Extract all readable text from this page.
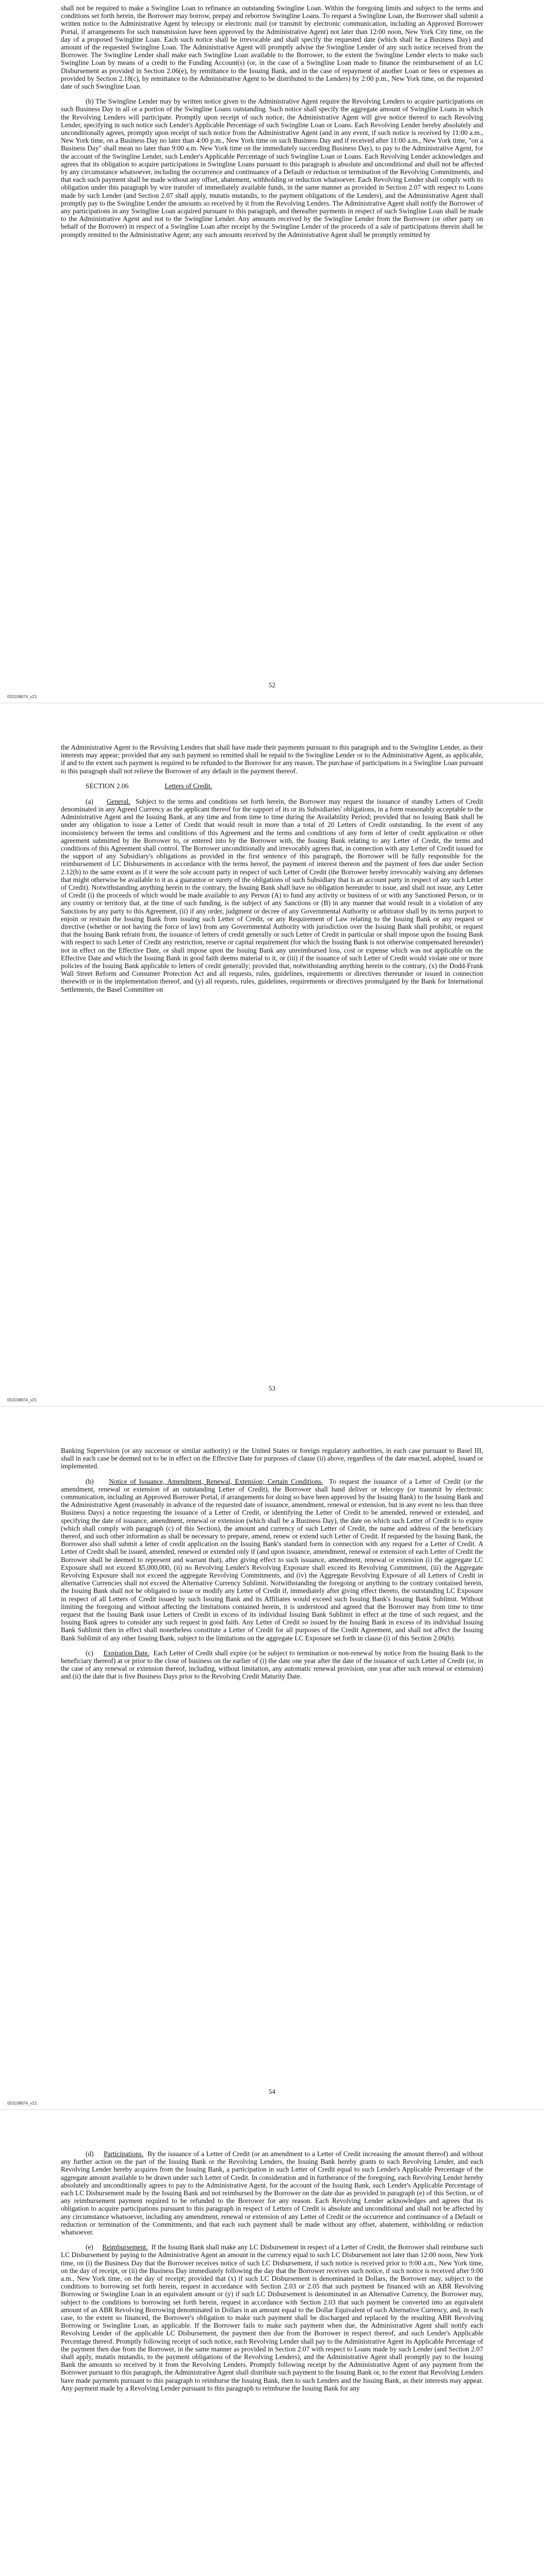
shall not be required to make a Swingline Loan to refinance an outstanding Swingline Loan. Within the foregoing limits and subject to the terms and conditions set forth herein, the Borrower may borrow, prepay and reborrow Swingline Loans. To request a Swingline Loan, the Borrower shall submit a written notice to the Administrative Agent by telecopy or electronic mail (or transmit by electronic communication, including an Approved Borrower Portal, if arrangements for such transmission have been approved by the Administrative Agent) not later than 12:00 noon, New York City time, on the day of a proposed Swingline Loan. Each such notice shall be irrevocable and shall specify the requested date (which shall be a Business Day) and amount of the requested Swingline Loan. The Administrative Agent will promptly advise the Swingline Lender of any such notice received from the Borrower. The Swingline Lender shall make each Swingline Loan available to the Borrower, to the extent the Swingline Lender elects to make such Swingline Loan by means of a credit to the Funding Account(s) (or, in the case of a Swingline Loan made to finance the reimbursement of an LC Disbursement as provided in Section 2.06(e), by remittance to the Issuing Bank, and in the case of repayment of another Loan or fees or expenses as provided by Section 2.18(c), by remittance to the Administrative Agent to be distributed to the Lenders) by 2:00 p.m., New York time, on the requested date of such Swingline Loan.

(b) The Swingline Lender may by written notice given to the Administrative Agent require the Revolving Lenders to acquire participations on such Business Day in all or a portion of the Swingline Loans outstanding. Such notice shall specify the aggregate amount of Swingline Loans in which the Revolving Lenders will participate. Promptly upon receipt of such notice, the Administrative Agent will give notice thereof to each Revolving Lender, specifying in such notice such Lender's Applicable Percentage of such Swingline Loan or Loans. Each Revolving Lender hereby absolutely and unconditionally agrees, promptly upon receipt of such notice from the Administrative Agent (and in any event, if such notice is received by 11:00 a.m., New York time, on a Business Day no later than 4:00 p.m., New York time on such Business Day and if received after 11:00 a.m., New York time, "on a Business Day" shall mean no later than 9:00 a.m. New York time on the immediately succeeding Business Day), to pay to the Administrative Agent, for the account of the Swingline Lender, such Lender's Applicable Percentage of such Swingline Loan or Loans. Each Revolving Lender acknowledges and agrees that its obligation to acquire participations in Swingline Loans pursuant to this paragraph is absolute and unconditional and shall not be affected by any circumstance whatsoever, including the occurrence and continuance of a Default or reduction or termination of the Revolving Commitments, and that each such payment shall be made without any offset, abatement, withholding or reduction whatsoever. Each Revolving Lender shall comply with its obligation under this paragraph by wire transfer of immediately available funds, in the same manner as provided in Section 2.07 with respect to Loans made by such Lender (and Section 2.07 shall apply, mutatis mutandis, to the payment obligations of the Lenders), and the Administrative Agent shall promptly pay to the Swingline Lender the amounts so received by it from the Revolving Lenders. The Administrative Agent shall notify the Borrower of any participations in any Swingline Loan acquired pursuant to this paragraph, and thereafter payments in respect of such Swingline Loan shall be made to the Administrative Agent and not to the Swingline Lender. Any amounts received by the Swingline Lender from the Borrower (or other party on behalf of the Borrower) in respect of a Swingline Loan after receipt by the Swingline Lender of the proceeds of a sale of participations therein shall be promptly remitted to the Administrative Agent; any such amounts received by the Administrative Agent shall be promptly remitted by

52
053108874_v21

the Administrative Agent to the Revolving Lenders that shall have made their payments pursuant to this paragraph and to the Swingline Lender, as their interests may appear; provided that any such payment so remitted shall be repaid to the Swingline Lender or to the Administrative Agent, as applicable, if and to the extent such payment is required to be refunded to the Borrower for any reason. The purchase of participations in a Swingline Loan pursuant to this paragraph shall not relieve the Borrower of any default in the payment thereof.

SECTION 2.06	Letters of Credit.

(a) General. Subject to the terms and conditions set forth herein, the Borrower may request the issuance of standby Letters of Credit denominated in any Agreed Currency as the applicant thereof for the support of its or its Subsidiaries' obligations, in a form reasonably acceptable to the Administrative Agent and the Issuing Bank, at any time and from time to time during the Availability Period; provided that no Issuing Bank shall be under any obligation to issue a Letter of Credit that would result in more than a total of 20 Letters of Credit outstanding. In the event of any inconsistency between the terms and conditions of this Agreement and the terms and conditions of any form of letter of credit application or other agreement submitted by the Borrower to, or entered into by the Borrower with, the Issuing Bank relating to any Letter of Credit, the terms and conditions of this Agreement shall control. The Borrower unconditionally and irrevocably agrees that, in connection with any Letter of Credit issued for the support of any Subsidiary's obligations as provided in the first sentence of this paragraph, the Borrower will be fully responsible for the reimbursement of LC Disbursements in accordance with the terms hereof, the payment of interest thereon and the payment of fees due under Section 2.12(b) to the same extent as if it were the sole account party in respect of such Letter of Credit (the Borrower hereby irrevocably waiving any defenses that might otherwise be available to it as a guarantor or surety of the obligations of such Subsidiary that is an account party in respect of any such Letter of Credit). Notwithstanding anything herein to the contrary, the Issuing Bank shall have no obligation hereunder to issue, and shall not issue, any Letter of Credit (i) the proceeds of which would be made available to any Person (A) to fund any activity or business of or with any Sanctioned Person, or in any country or territory that, at the time of such funding, is the subject of any Sanctions or (B) in any manner that would result in a violation of any Sanctions by any party to this Agreement, (ii) if any order, judgment or decree of any Governmental Authority or arbitrator shall by its terms purport to enjoin or restrain the Issuing Bank from issuing such Letter of Credit, or any Requirement of Law relating to the Issuing Bank or any request or directive (whether or not having the force of law) from any Governmental Authority with jurisdiction over the Issuing Bank shall prohibit, or request that the Issuing Bank refrain from, the issuance of letters of credit generally or such Letter of Credit in particular or shall impose upon the Issuing Bank with respect to such Letter of Credit any restriction, reserve or capital requirement (for which the Issuing Bank is not otherwise compensated hereunder) not in effect on the Effective Date, or shall impose upon the Issuing Bank any unreimbursed loss, cost or expense which was not applicable on the Effective Date and which the Issuing Bank in good faith deems material to it, or (iii) if the issuance of such Letter of Credit would violate one or more policies of the Issuing Bank applicable to letters of credit generally; provided that, notwithstanding anything herein to the contrary, (x) the Dodd-Frank Wall Street Reform and Consumer Protection Act and all requests, rules, guidelines, requirements or directives thereunder or issued in connection therewith or in the implementation thereof, and (y) all requests, rules, guidelines, requirements or directives promulgated by the Bank for International Settlements, the Basel Committee on

53
053108874_v21

Banking Supervision (or any successor or similar authority) or the United States or foreign regulatory authorities, in each case pursuant to Basel III, shall in each case be deemed not to be in effect on the Effective Date for purposes of clause (ii) above, regardless of the date enacted, adopted, issued or implemented.

(b) Notice of Issuance, Amendment, Renewal, Extension; Certain Conditions. To request the issuance of a Letter of Credit (or the amendment, renewal or extension of an outstanding Letter of Credit), the Borrower shall hand deliver or telecopy (or transmit by electronic communication, including an Approved Borrower Portal, if arrangements for doing so have been approved by the Issuing Bank) to the Issuing Bank and the Administrative Agent (reasonably in advance of the requested date of issuance, amendment, renewal or extension, but in any event no less than three Business Days) a notice requesting the issuance of a Letter of Credit, or identifying the Letter of Credit to be amended, renewed or extended, and specifying the date of issuance, amendment, renewal or extension (which shall be a Business Day), the date on which such Letter of Credit is to expire (which shall comply with paragraph (c) of this Section), the amount and currency of such Letter of Credit, the name and address of the beneficiary thereof, and such other information as shall be necessary to prepare, amend, renew or extend such Letter of Credit. If requested by the Issuing Bank, the Borrower also shall submit a letter of credit application on the Issuing Bank's standard form in connection with any request for a Letter of Credit. A Letter of Credit shall be issued, amended, renewed or extended only if (and upon issuance, amendment, renewal or extension of each Letter of Credit the Borrower shall be deemed to represent and warrant that), after giving effect to such issuance, amendment, renewal or extension (i) the aggregate LC Exposure shall not exceed $5,000,000, (ii) no Revolving Lender's Revolving Exposure shall exceed its Revolving Commitment, (iii) the Aggregate Revolving Exposure shall not exceed the aggregate Revolving Commitments, and (iv) the Aggregate Revolving Exposure of all Letters of Credit in alternative Currencies shall not exceed the Alternative Currency Sublimit. Notwithstanding the foregoing or anything to the contrary contained herein, the Issuing Bank shall not be obligated to issue or modify any Letter of Credit if, immediately after giving effect thereto, the outstanding LC Exposure in respect of all Letters of Credit issued by such Issuing Bank and its Affiliates would exceed such Issuing Bank's Issuing Bank Sublimit. Without limiting the foregoing and without affecting the limitations contained herein, it is understood and agreed that the Borrower may from time to time request that the Issuing Bank issue Letters of Credit in excess of its individual Issuing Bank Sublimit in effect at the time of such request, and the Issuing Bank agrees to consider any such request in good faith. Any Letter of Credit so issued by the Issuing Bank in excess of its individual Issuing Bank Sublimit then in effect shall nonetheless constitute a Letter of Credit for all purposes of the Credit Agreement, and shall not affect the Issuing Bank Sublimit of any other Issuing Bank, subject to the limitations on the aggregate LC Exposure set forth in clause (i) of this Section 2.06(b).

(c) Expiration Date. Each Letter of Credit shall expire (or be subject to termination or non-renewal by notice from the Issuing Bank to the beneficiary thereof) at or prior to the close of business on the earlier of (i) the date one year after the date of the issuance of such Letter of Credit (or, in the case of any renewal or extension thereof, including, without limitation, any automatic renewal provision, one year after such renewal or extension) and (ii) the date that is five Business Days prior to the Revolving Credit Maturity Date.

54
053108874_v21

(d) Participations. By the issuance of a Letter of Credit (or an amendment to a Letter of Credit increasing the amount thereof) and without any further action on the part of the Issuing Bank or the Revolving Lenders, the Issuing Bank hereby grants to each Revolving Lender, and each Revolving Lender hereby acquires from the Issuing Bank, a participation in such Letter of Credit equal to such Lender's Applicable Percentage of the aggregate amount available to be drawn under such Letter of Credit. In consideration and in furtherance of the foregoing, each Revolving Lender hereby absolutely and unconditionally agrees to pay to the Administrative Agent, for the account of the Issuing Bank, such Lender's Applicable Percentage of each LC Disbursement made by the Issuing Bank and not reimbursed by the Borrower on the date due as provided in paragraph (e) of this Section, or of any reimbursement payment required to be refunded to the Borrower for any reason. Each Revolving Lender acknowledges and agrees that its obligation to acquire participations pursuant to this paragraph in respect of Letters of Credit is absolute and unconditional and shall not be affected by any circumstance whatsoever, including any amendment, renewal or extension of any Letter of Credit or the occurrence and continuance of a Default or reduction or termination of the Commitments, and that each such payment shall be made without any offset, abatement, withholding or reduction whatsoever.

(e) Reimbursement. If the Issuing Bank shall make any LC Disbursement in respect of a Letter of Credit, the Borrower shall reimburse such LC Disbursement by paying to the Administrative Agent an amount in the currency equal to such LC Disbursement not later than 12:00 noon, New York time, on (i) the Business Day that the Borrower receives notice of such LC Disbursement, if such notice is received prior to 9:00 a.m., New York time, on the day of receipt, or (ii) the Business Day immediately following the day that the Borrower receives such notice, if such notice is received after 9:00 a.m., New York time, on the day of receipt; provided that (x) if such LC Disbursement is denominated in Dollars, the Borrower may, subject to the conditions to borrowing set forth herein, request in accordance with Section 2.03 or 2.05 that such payment be financed with an ABR Revolving Borrowing or Swingline Loan in an equivalent amount or (y) if such LC Disbursement is denominated in an Alternative Currency, the Borrower may, subject to the conditions to borrowing set forth herein, request in accordance with Section 2.03 that such payment be converted into an equivalent amount of an ABR Revolving Borrowing denominated in Dollars in an amount equal to the Dollar Equivalent of such Alternative Currency, and, in each case, to the extent so financed, the Borrower's obligation to make such payment shall be discharged and replaced by the resulting ABR Revolving Borrowing or Swingline Loan, as applicable. If the Borrower fails to make such payment when due, the Administrative Agent shall notify each Revolving Lender of the applicable LC Disbursement, the payment then due from the Borrower in respect thereof, and such Lender's Applicable Percentage thereof. Promptly following receipt of such notice, each Revolving Lender shall pay to the Administrative Agent its Applicable Percentage of the payment then due from the Borrower, in the same manner as provided in Section 2.07 with respect to Loans made by such Lender (and Section 2.07 shall apply, mutatis mutandis, to the payment obligations of the Revolving Lenders), and the Administrative Agent shall promptly pay to the Issuing Bank the amounts so received by it from the Revolving Lenders. Promptly following receipt by the Administrative Agent of any payment from the Borrower pursuant to this paragraph, the Administrative Agent shall distribute such payment to the Issuing Bank or, to the extent that Revolving Lenders have made payments pursuant to this paragraph to reimburse the Issuing Bank, then to such Lenders and the Issuing Bank, as their interests may appear. Any payment made by a Revolving Lender pursuant to this paragraph to reimburse the Issuing Bank for any
